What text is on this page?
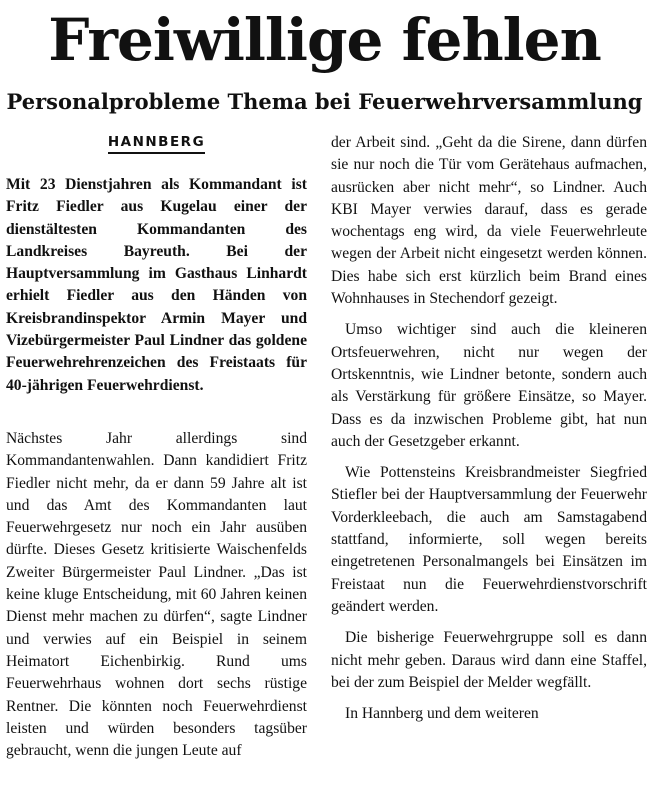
Freiwillige fehlen
Personalprobleme Thema bei Feuerwehrversammlung
HANNBERG

Mit 23 Dienstjahren als Kommandant ist Fritz Fiedler aus Kugelau einer der dienstältesten Kommandanten des Landkreises Bayreuth. Bei der Hauptversammlung im Gasthaus Linhardt erhielt Fiedler aus den Händen von Kreisbrandinspektor Armin Mayer und Vizebürgermeister Paul Lindner das goldene Feuerwehrehrenzeichen des Freistaats für 40-jährigen Feuerwehrdienst.

Nächstes Jahr allerdings sind Kommandantenwahlen. Dann kandidiert Fritz Fiedler nicht mehr, da er dann 59 Jahre alt ist und das Amt des Kommandanten laut Feuerwehrgesetz nur noch ein Jahr ausüben dürfte. Dieses Gesetz kritisierte Waischenfelds Zweiter Bürgermeister Paul Lindner. „Das ist keine kluge Entscheidung, mit 60 Jahren keinen Dienst mehr machen zu dürfen“, sagte Lindner und verwies auf ein Beispiel in seinem Heimatort Eichenbirkig. Rund ums Feuerwehrhaus wohnen dort sechs rüstige Rentner. Die könnten noch Feuerwehrdienst leisten und würden besonders tagsüber gebraucht, wenn die jungen Leute auf

der Arbeit sind. „Geht da die Sirene, dann dürfen sie nur noch die Tür vom Gerätehaus aufmachen, ausrücken aber nicht mehr“, so Lindner. Auch KBI Mayer verwies darauf, dass es gerade wochentags eng wird, da viele Feuerwehrleute wegen der Arbeit nicht eingesetzt werden können. Dies habe sich erst kürzlich beim Brand eines Wohnhauses in Stechendorf gezeigt.

Umso wichtiger sind auch die kleineren Ortsfeuerwehren, nicht nur wegen der Ortskenntnis, wie Lindner betonte, sondern auch als Verstärkung für größere Einsätze, so Mayer. Dass es da inzwischen Probleme gibt, hat nun auch der Gesetzgeber erkannt.

Wie Pottensteins Kreisbrandmeister Siegfried Stiefler bei der Hauptversammlung der Feuerwehr Vorderkleebach, die auch am Samstagabend stattfand, informierte, soll wegen bereits eingetretenen Personalmangels bei Einsätzen im Freistaat nun die Feuerwehrdienstvorschrift geändert werden.

Die bisherige Feuerwehrgruppe soll es dann nicht mehr geben. Daraus wird dann eine Staffel, bei der zum Beispiel der Melder wegfällt.

In Hannberg und dem weiteren
